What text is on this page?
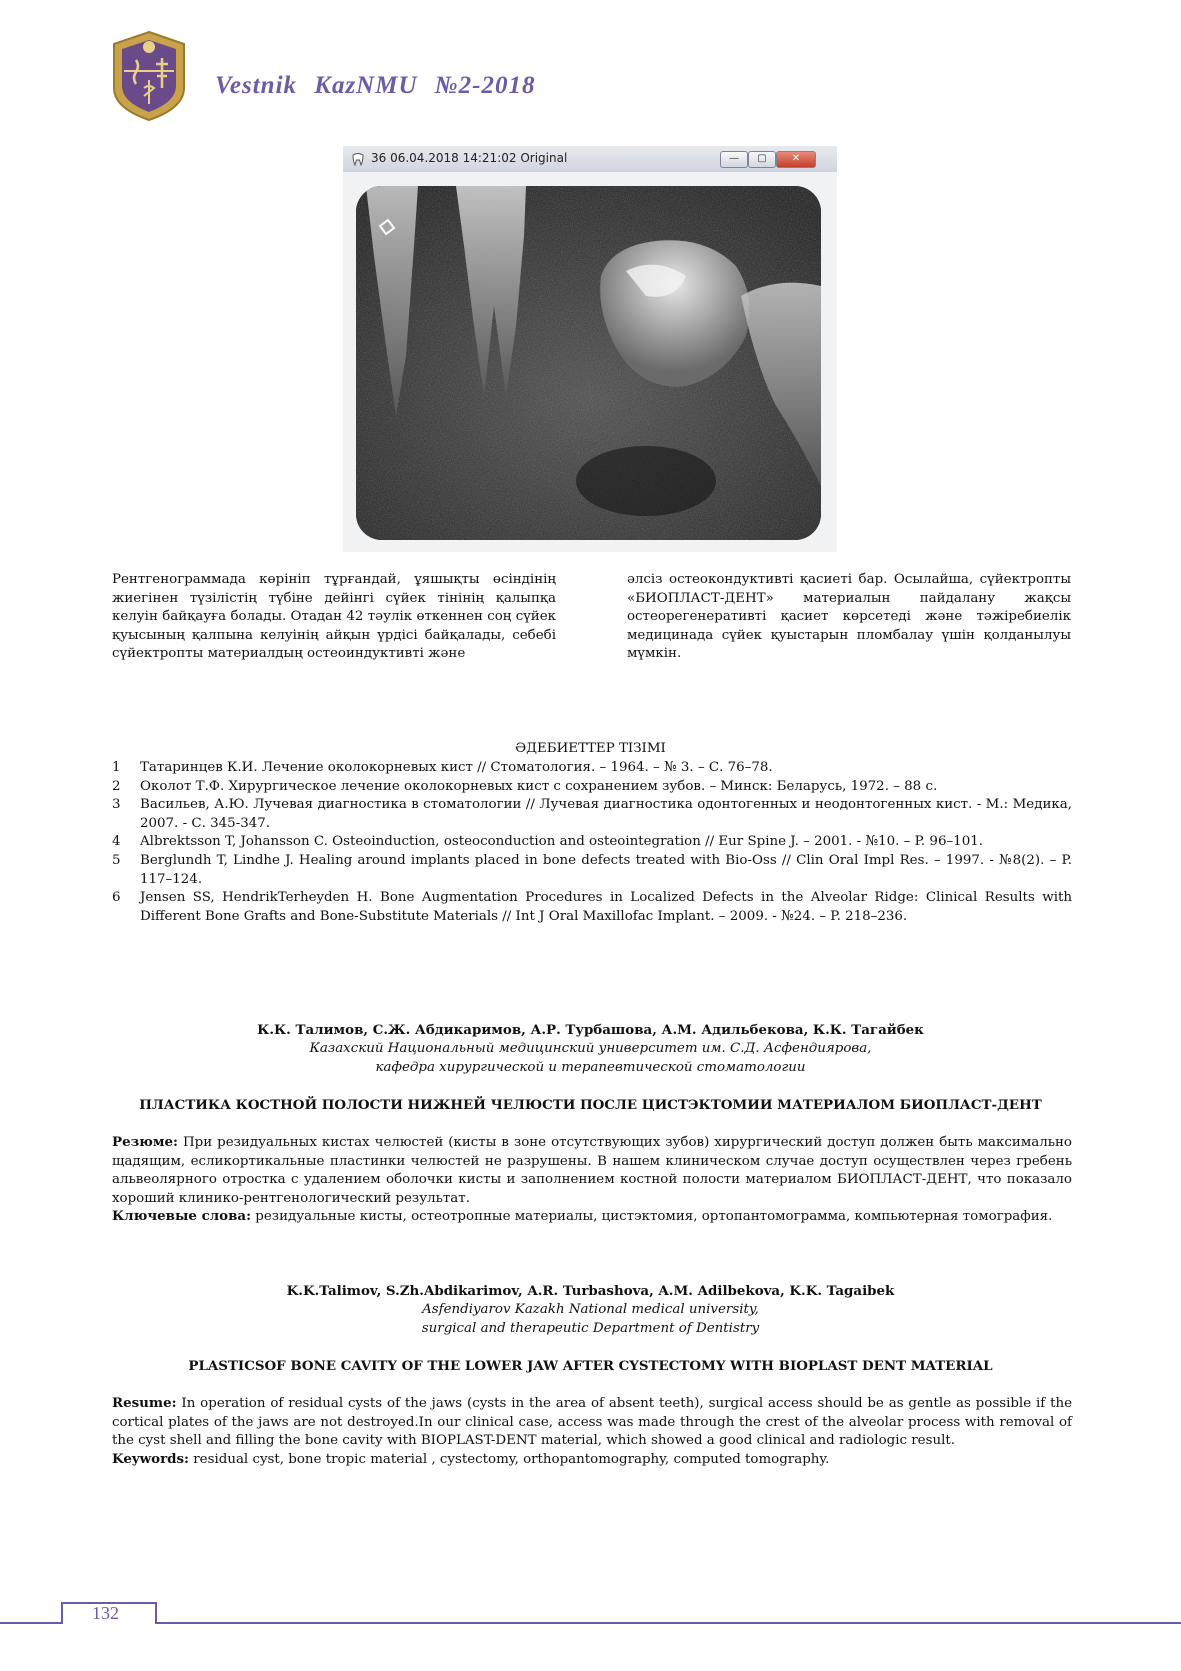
Vestnik KazNMU №2-2018
36 06.04.2018 14:21:02 Original	—	▢	✕
Рентгенограммада көрініп тұрғандай, ұяшықты өсіндінің жиегінен түзілістің түбіне дейінгі сүйек тінінің қалыпқа келуін байқауға болады. Отадан 42 тәулік өткеннен соң сүйек қуысының қалпына келуінің айқын үрдісі байқалады, себебі сүйектропты материалдың остеоиндуктивті және
әлсіз остеокондуктивті қасиеті бар. Осылайша, сүйектропты «БИОПЛАСТ-ДЕНТ» материалын пайдалану жақсы остеорегенеративті қасиет көрсетеді және тәжіребиелік медицинада сүйек қуыстарын пломбалау үшін қолданылуы мүмкін.
ӘДЕБИЕТТЕР ТІЗІМІ
1 Татаринцев К.И. Лечение околокорневых кист // Стоматология. – 1964. – № 3. – С. 76–78.
2 Околот Т.Ф. Хирургическое лечение околокорневых кист с сохранением зубов. – Минск: Беларусь, 1972. – 88 с.
3 Васильев, А.Ю. Лучевая диагностика в стоматологии // Лучевая диагностика одонтогенных и неодонтогенных кист. - М.: Медика, 2007. - С. 345-347.
4 Albrektsson T, Johansson C. Osteoinduction, osteoconduction and osteointegration // Eur Spine J. – 2001. - №10. – P. 96–101.
5 Berglundh T, Lindhe J. Healing around implants placed in bone defects treated with Bio-Oss // Clin Oral Impl Res. – 1997. - №8(2). – P. 117–124.
6 Jensen SS, HendrikTerheyden H. Bone Augmentation Procedures in Localized Defects in the Alveolar Ridge: Clinical Results with Different Bone Grafts and Bone-Substitute Materials // Int J Oral Maxillofac Implant. – 2009. - №24. – P. 218–236.
К.К. Талимов, С.Ж. Абдикаримов, А.Р. Турбашова, А.М. Адильбекова, К.К. Тагайбек
Казахский Национальный медицинский университет им. С.Д. Асфендиярова,
кафедра хирургической и терапевтической стоматологии
ПЛАСТИКА КОСТНОЙ ПОЛОСТИ НИЖНЕЙ ЧЕЛЮСТИ ПОСЛЕ ЦИСТЭКТОМИИ МАТЕРИАЛОМ БИОПЛАСТ-ДЕНТ
Резюме: При резидуальных кистах челюстей (кисты в зоне отсутствующих зубов) хирургический доступ должен быть максимально щадящим, есликортикальные пластинки челюстей не разрушены. В нашем клиническом случае доступ осуществлен через гребень альвеолярного отростка с удалением оболочки кисты и заполнением костной полости материалом БИОПЛАСТ-ДЕНТ, что показало хороший клинико-рентгенологический результат.
Ключевые слова: резидуальные кисты, остеотропные материалы, цистэктомия, ортопантомограмма, компьютерная томография.
K.K.Talimov, S.Zh.Abdikarimov, A.R. Turbashova, A.M. Adilbekova, K.K. Tagaibek
Asfendiyarov Kazakh National medical university,
surgical and therapeutic Department of Dentistry
PLASTICSOF BONE CAVITY OF THE LOWER JAW AFTER CYSTECTOMY WITH BIOPLAST DENT MATERIAL
Resume: In operation of residual cysts of the jaws (cysts in the area of absent teeth), surgical access should be as gentle as possible if the cortical plates of the jaws are not destroyed.In our clinical case, access was made through the crest of the alveolar process with removal of the cyst shell and filling the bone cavity with BIOPLAST-DENT material, which showed a good clinical and radiologic result.
Keywords: residual cyst, bone tropic material , cystectomy, orthopantomography, computed tomography.
132
